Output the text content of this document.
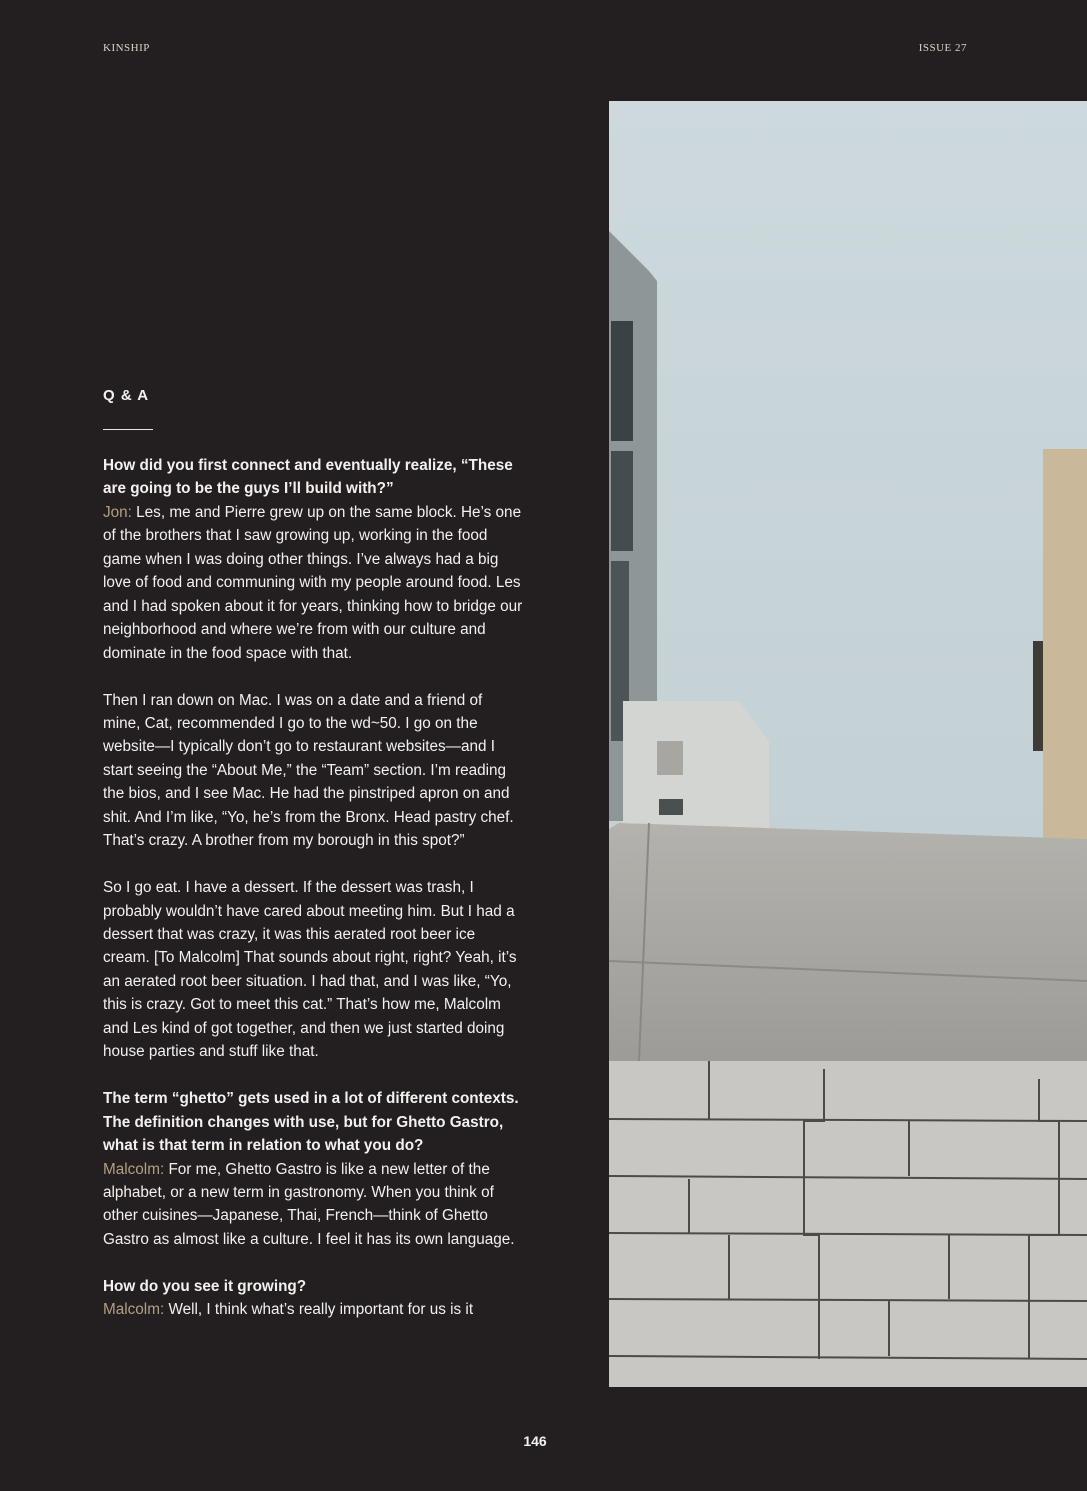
KINSHIP	ISSUE 27

Q & A

How did you first connect and eventually realize, “These are going to be the guys I’ll build with?”

Jon: Les, me and Pierre grew up on the same block. He’s one of the brothers that I saw growing up, working in the food game when I was doing other things. I’ve always had a big love of food and communing with my people around food. Les and I had spoken about it for years, thinking how to bridge our neighborhood and where we’re from with our culture and dominate in the food space with that.

Then I ran down on Mac. I was on a date and a friend of mine, Cat, recommended I go to the wd~50. I go on the website—I typically don’t go to restaurant websites—and I start seeing the “About Me,” the “Team” section. I’m reading the bios, and I see Mac. He had the pinstriped apron on and shit. And I’m like, “Yo, he’s from the Bronx. Head pastry chef. That’s crazy. A brother from my borough in this spot?”

So I go eat. I have a dessert. If the dessert was trash, I probably wouldn’t have cared about meeting him. But I had a dessert that was crazy, it was this aerated root beer ice cream. [To Malcolm] That sounds about right, right? Yeah, it’s an aerated root beer situation. I had that, and I was like, “Yo, this is crazy. Got to meet this cat.” That’s how me, Malcolm and Les kind of got together, and then we just started doing house parties and stuff like that.

The term “ghetto” gets used in a lot of different contexts. The definition changes with use, but for Ghetto Gastro, what is that term in relation to what you do?

Malcolm: For me, Ghetto Gastro is like a new letter of the alphabet, or a new term in gastronomy. When you think of other cuisines—Japanese, Thai, French—think of Ghetto Gastro as almost like a culture. I feel it has its own language.

How do you see it growing?

Malcolm: Well, I think what’s really important for us is it

146
